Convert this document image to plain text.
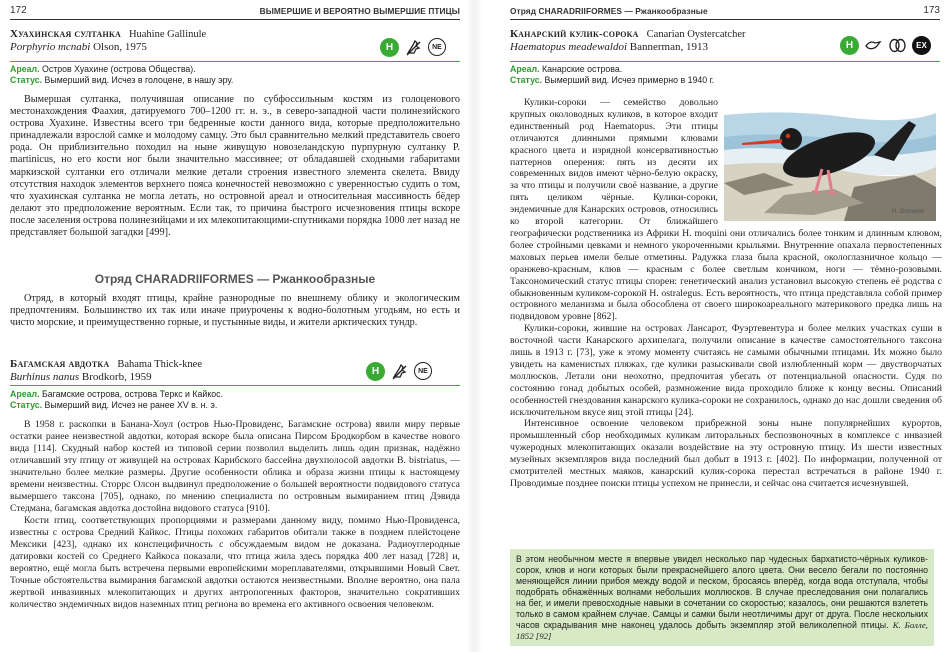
172	ВЫМЕРШИЕ И ВЕРОЯТНО ВЫМЕРШИЕ ПТИЦЫ
Хуахинская султанка Huahine Gallinule
Porphyrio mcnabi Olson, 1975	H	NE
Ареал. Остров Хуахине (острова Общества).
Статус. Вымерший вид. Исчез в голоцене, в нашу эру.

Вымершая султанка, получившая описание по субфоссильным костям из голоценового местонахождения Фаахия, датируемого 700–1200 гг. н. э., в северо-западной части полинезийского острова Хуахине. Известны всего три бедренные кости данного вида, которые предположительно принадлежали взрослой самке и молодому самцу. Это был сравнительно мелкий представитель своего рода. Он приблизительно походил на ныне живущую новозеландскую пурпурную султанку P. martinicus, но его кости ног были значительно массивнее; от обладавшей сходными габаритами маркизской султанки его отличали мелкие детали строения известного элемента скелета. Ввиду отсутствия находок элементов верхнего пояса конечностей невозможно с уверенностью судить о том, что хуахинская султанка не могла летать, но островной ареал и относительная массивность бёдер делают это предположение вероятным. Если так, то причина быстрого исчезновения птицы вскоре после заселения острова полинезийцами и их млекопитающими-спутниками порядка 1000 лет назад не представляет большой загадки [499].

Отряд CHARADRIIFORMES — Ржанкообразные

Отряд, в который входят птицы, крайне разнородные по внешнему облику и экологическим предпочтениям. Большинство их так или иначе приурочены к водно-болотным угодьям, но есть и чисто морские, и преимущественно горные, и пустынные виды, и жители арктических тундр.

Багамская авдотка Bahama Thick-knee
Burhinus nanus Brodkorb, 1959	H	NE
Ареал. Багамские острова, острова Теркс и Кайкос.
Статус. Вымерший вид. Исчез не ранее XV в. н. э.

В 1958 г. раскопки в Банана-Хоул (остров Нью-Провиденс, Багамские острова) явили миру первые остатки ранее неизвестной авдотки, которая вскоре была описана Пирсом Бродкорбом в качестве нового вида [114]. Скудный набор костей из типовой серии позволил выделить лишь один признак, надёжно отличавший эту птицу от живущей на островах Карибского бассейна двухполосой авдотки B. bistriatus, — значительно более мелкие размеры. Другие особенности облика и образа жизни птицы к настоящему времени неизвестны. Сторрс Олсон выдвинул предположение о большей вероятности подвидового статуса вымершего таксона [705], однако, по мнению специалиста по островным вымиранием птиц Дэвида Стедмана, багамская авдотка достойна видового статуса [910].

Кости птиц, соответствующих пропорциями и размерами данному виду, помимо Нью-Провиденса, известны с острова Средний Кайкос. Птицы похожих габаритов обитали также в позднем плейстоцене Мексики [423], однако их конспецифичность с обсуждаемым видом не доказана. Радиоуглеродные датировки костей со Среднего Кайкоса показали, что птица жила здесь порядка 400 лет назад [728] и, вероятно, ещё могла быть встречена первыми европейскими мореплавателями, открывшими Новый Свет. Точные обстоятельства вымирания багамской авдотки остаются неизвестными. Вполне вероятно, она пала жертвой инвазивных млекопитающих и других антропогенных факторов, значительно сокративших количество эндемичных видов наземных птиц региона во времена его активного освоения человеком.

Отряд CHARADRIIFORMES — Ржанкообразные	173
Канарский кулик-сорока Canarian Oystercatcher
Haematopus meadewaldoi Bannerman, 1913	H	EX
Ареал. Канарские острова.
Статус. Вымерший вид. Исчез примерно в 1940 г.

Кулики-сороки — семейство довольно крупных околоводных куликов, в которое входит единственный род Haematopus. Эти птицы отличаются длинными прямыми клювами красного цвета и изрядной консервативностью паттернов оперения: пять из десяти их современных видов имеют чёрно-белую окраску, за что птицы и получили своё название, а другие пять целиком чёрные. Кулики-сороки, эндемичные для Канарских островов, относились ко второй категории. От ближайшего географически родственника из Африки H. moquini они отличались более тонким и длинным клювом, более стройными цевками и немного укороченными крыльями. Внутренние опахала первостепенных маховых перьев имели белые отметины. Радужка глаза была красной, окологлазничное кольцо — оранжево-красным, клюв — красным с более светлым кончиком, ноги — тёмно-розовыми. Таксономический статус птицы спорен: генетический анализ установил высокую степень её родства с обыкновенным куликом-сорокой H. ostralegus. Есть вероятность, что птица представляла собой пример островного меланизма и была обособлена от своего широкоареального материкового предка лишь на подвидовом уровне [862].

Кулики-сороки, жившие на островах Лансарот, Фуэртевентура и более мелких участках суши в восточной части Канарского архипелага, получили описание в качестве самостоятельного таксона лишь в 1913 г. [73], уже к этому моменту считаясь не самыми обычными птицами. Их можно было увидеть на каменистых пляжах, где кулики разыскивали свой излюбленный корм — двустворчатых моллюсков. Летали они неохотно, предпочитая убегать от потенциальной опасности. Судя по состоянию гонад добытых особей, размножение вида проходило ближе к концу весны. Описаний особенностей гнездования канарского кулика-сороки не сохранилось, однако до нас дошли сведения об исключительном вкусе яиц этой птицы [24].

Интенсивное освоение человеком прибрежной зоны ныне популярнейших курортов, промышленный сбор необходимых куликам литоральных беспозвоночных в комплексе с инвазией чужеродных млекопитающих оказали воздействие на эту островную птицу. Из шести известных музейных экземпляров вида последний был добыт в 1913 г. [402]. По информации, полученной от смотрителей местных маяков, канарский кулик-сорока перестал встречаться в районе 1940 г. Проводимые позднее поиски птицы успехом не принесли, и сейчас она считается исчезнувшей.

H. Gronvold

В этом необычном месте я впервые увидел несколько пар чудесных бархатисто-чёрных куликов-сорок, клюв и ноги которых были прекраснейшего алого цвета. Они весело бегали по постоянно меняющейся линии прибоя между водой и песком, бросаясь вперёд, когда вода отступала, чтобы подобрать обнажённых волнами небольших моллюсков. В случае преследования они полагались на бег, и имели превосходные навыки в сочетании со скоростью; казалось, они решаются взлететь только в самом крайнем случае. Самцы и самки были неотличимы друг от друга. После нескольких часов скрадывания мне наконец удалось добыть экземпляр этой великолепной птицы. К. Болле, 1852 [92]
